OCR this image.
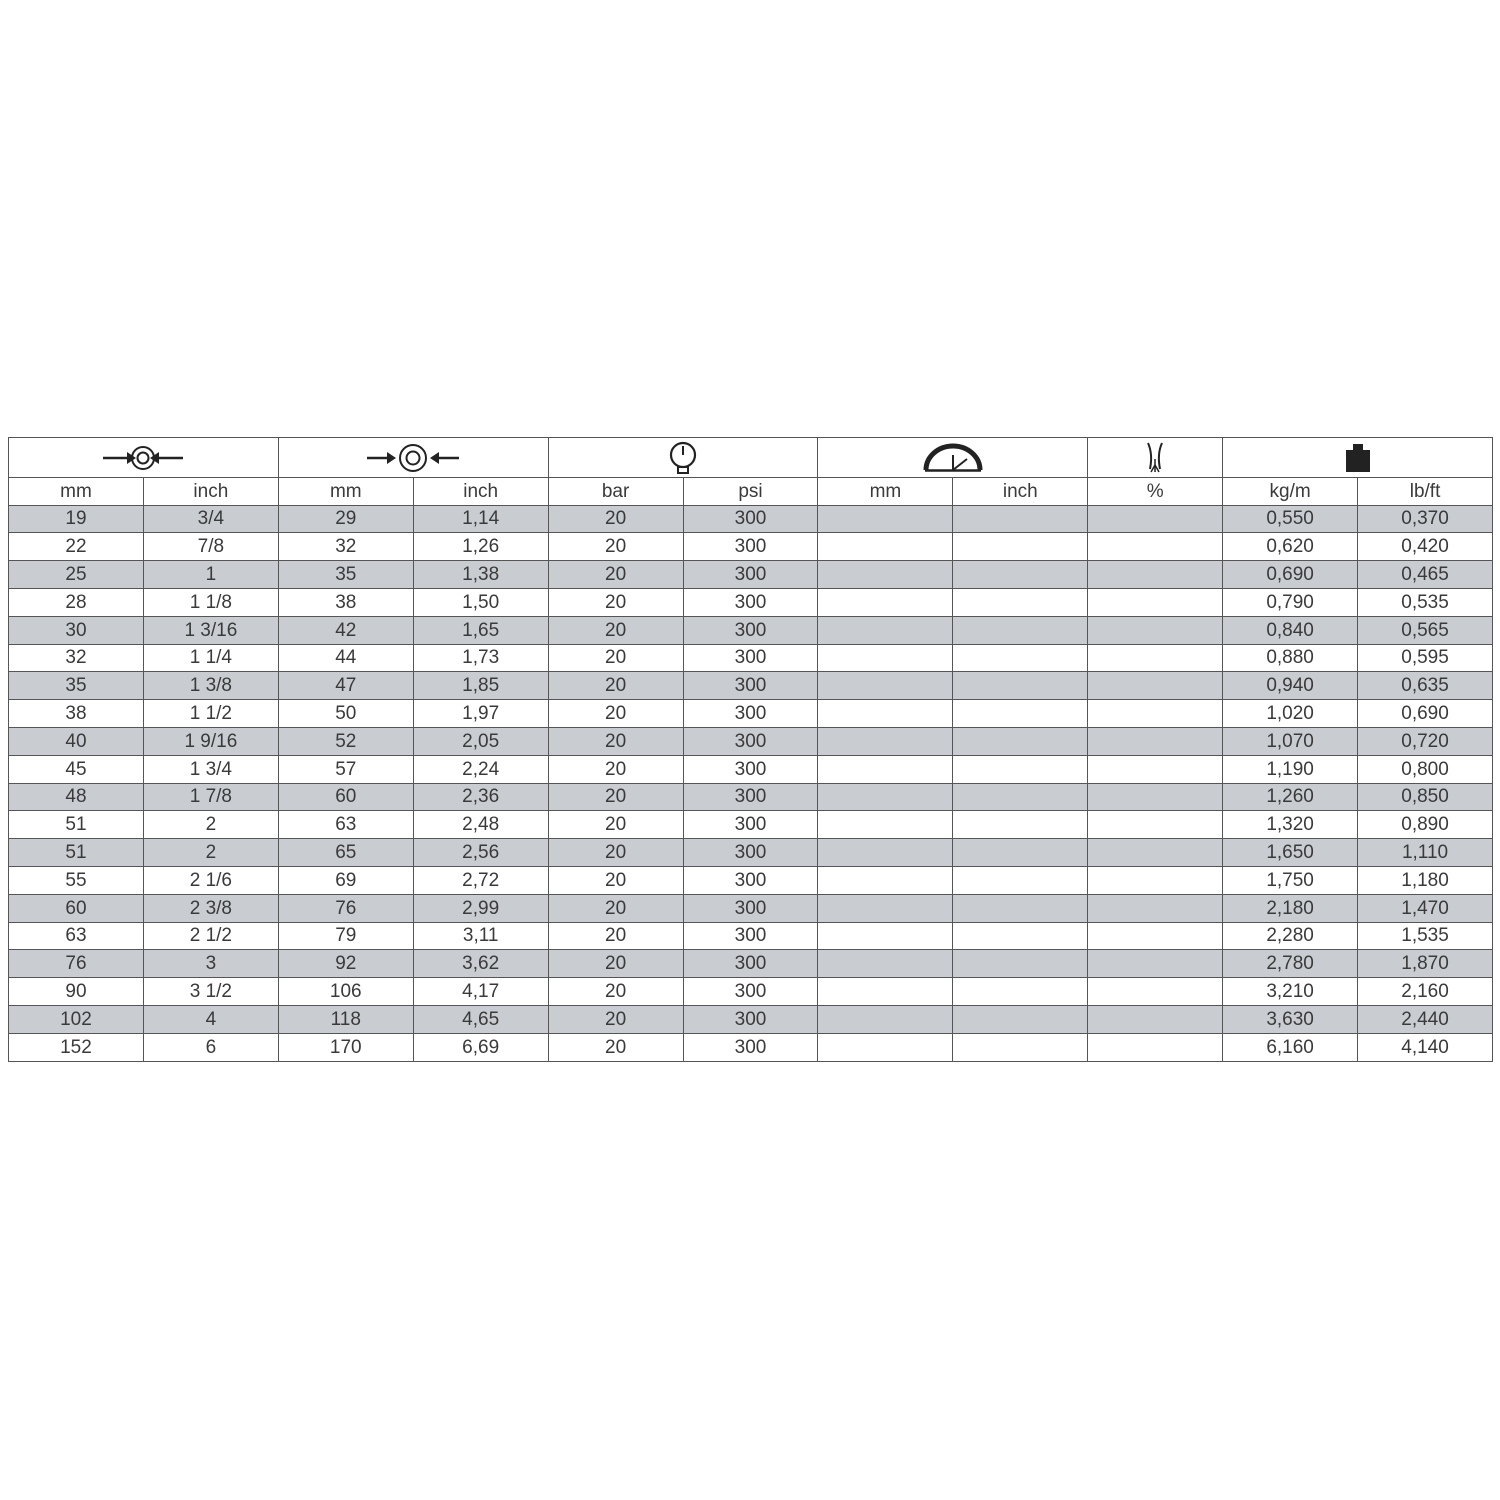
mm	inch	mm	inch	bar	psi	mm	inch	%	kg/m	lb/ft
19	3/4	29	1,14	20	300				0,550	0,370
22	7/8	32	1,26	20	300				0,620	0,420
25	1	35	1,38	20	300				0,690	0,465
28	1 1/8	38	1,50	20	300				0,790	0,535
30	1 3/16	42	1,65	20	300				0,840	0,565
32	1 1/4	44	1,73	20	300				0,880	0,595
35	1 3/8	47	1,85	20	300				0,940	0,635
38	1 1/2	50	1,97	20	300				1,020	0,690
40	1 9/16	52	2,05	20	300				1,070	0,720
45	1 3/4	57	2,24	20	300				1,190	0,800
48	1 7/8	60	2,36	20	300				1,260	0,850
51	2	63	2,48	20	300				1,320	0,890
51	2	65	2,56	20	300				1,650	1,110
55	2 1/6	69	2,72	20	300				1,750	1,180
60	2 3/8	76	2,99	20	300				2,180	1,470
63	2 1/2	79	3,11	20	300				2,280	1,535
76	3	92	3,62	20	300				2,780	1,870
90	3 1/2	106	4,17	20	300				3,210	2,160
102	4	118	4,65	20	300				3,630	2,440
152	6	170	6,69	20	300				6,160	4,140
